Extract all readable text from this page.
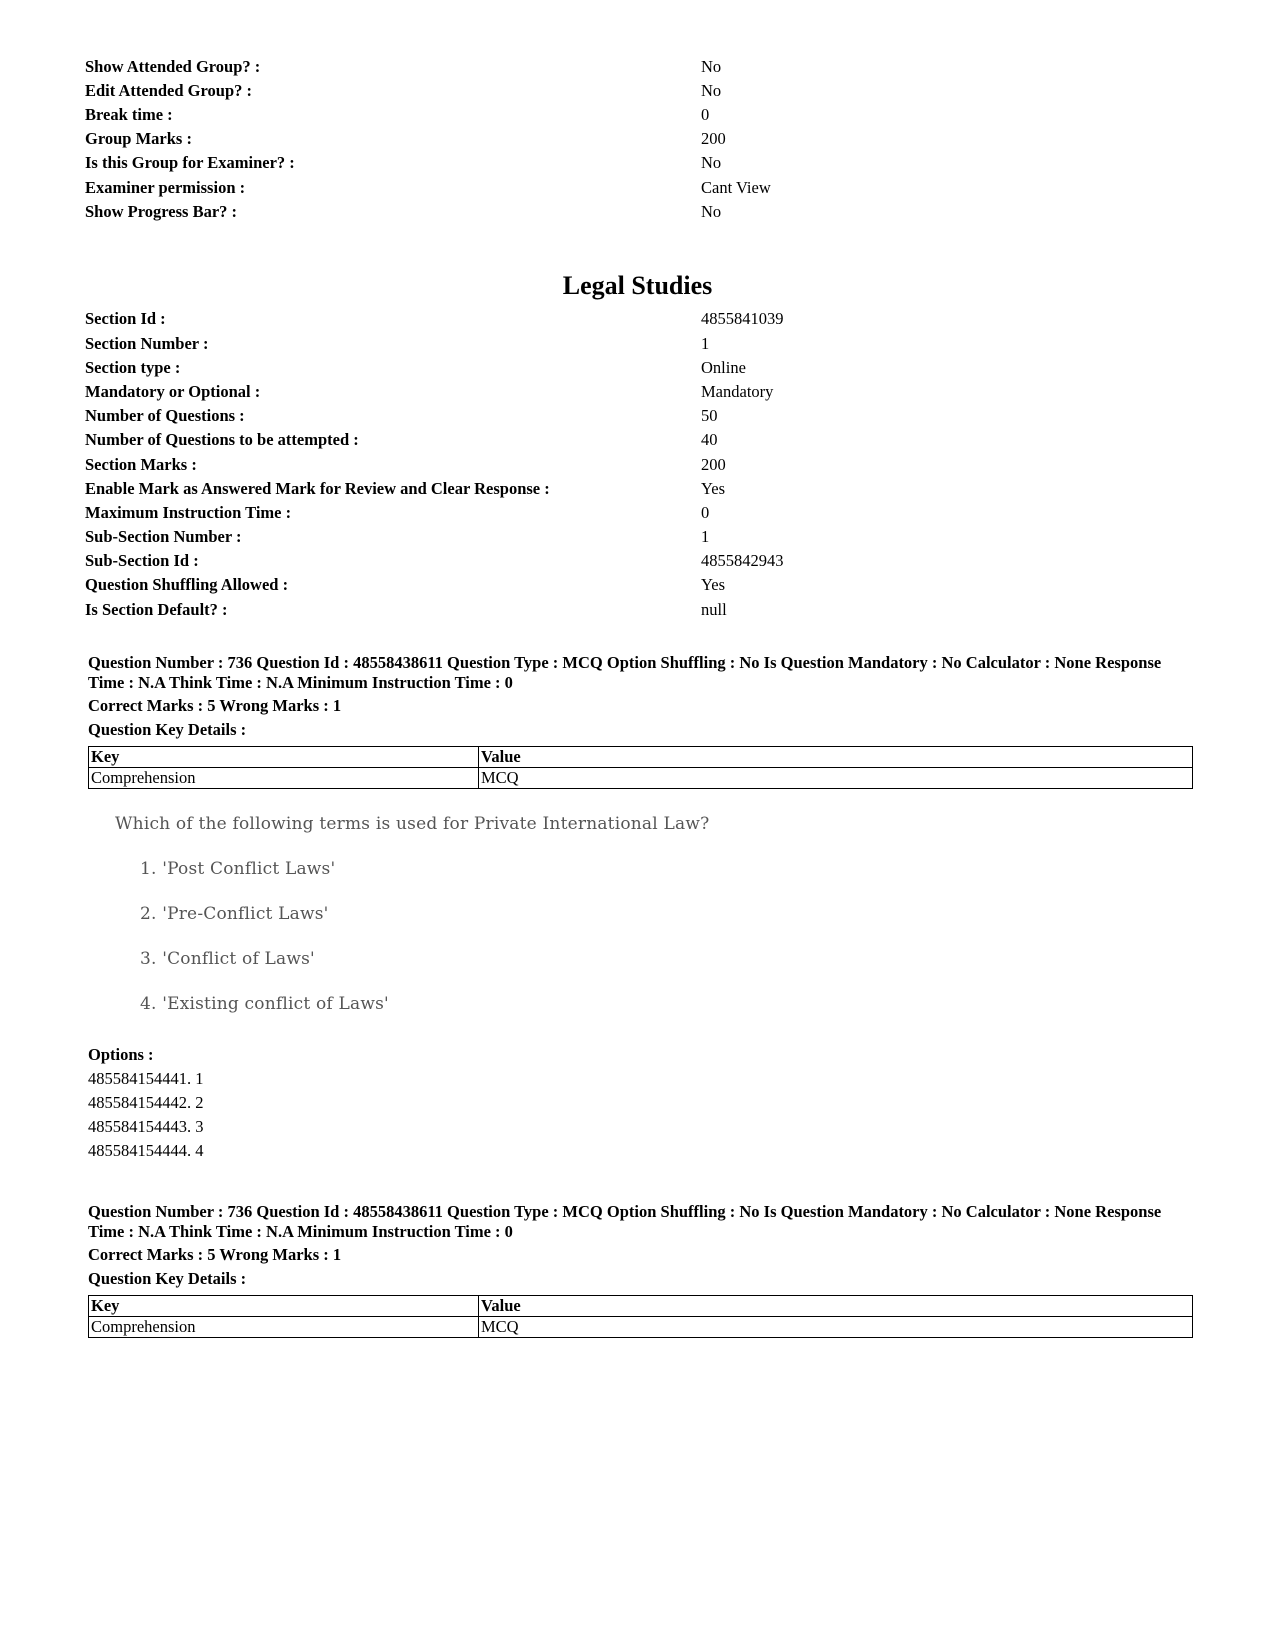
Show Attended Group? :	No
Edit Attended Group? :	No
Break time :	0
Group Marks :	200
Is this Group for Examiner? :	No
Examiner permission :	Cant View
Show Progress Bar? :	No
Legal Studies
Section Id :	4855841039
Section Number :	1
Section type :	Online
Mandatory or Optional :	Mandatory
Number of Questions :	50
Number of Questions to be attempted :	40
Section Marks :	200
Enable Mark as Answered Mark for Review and Clear Response :	Yes
Maximum Instruction Time :	0
Sub-Section Number :	1
Sub-Section Id :	4855842943
Question Shuffling Allowed :	Yes
Is Section Default? :	null

Question Number : 736 Question Id : 48558438611 Question Type : MCQ Option Shuffling : No Is Question Mandatory : No Calculator : None Response Time : N.A Think Time : N.A Minimum Instruction Time : 0

Correct Marks : 5 Wrong Marks : 1
Question Key Details :
Key	Value
Comprehension	MCQ
Which of the following terms is used for Private International Law?
1. 'Post Conflict Laws'
2. 'Pre-Conflict Laws'
3. 'Conflict of Laws'
4. 'Existing conflict of Laws'
Options :
485584154441. 1
485584154442. 2
485584154443. 3
485584154444. 4

Question Number : 736 Question Id : 48558438611 Question Type : MCQ Option Shuffling : No Is Question Mandatory : No Calculator : None Response Time : N.A Think Time : N.A Minimum Instruction Time : 0

Correct Marks : 5 Wrong Marks : 1
Question Key Details :
Key	Value
Comprehension	MCQ
